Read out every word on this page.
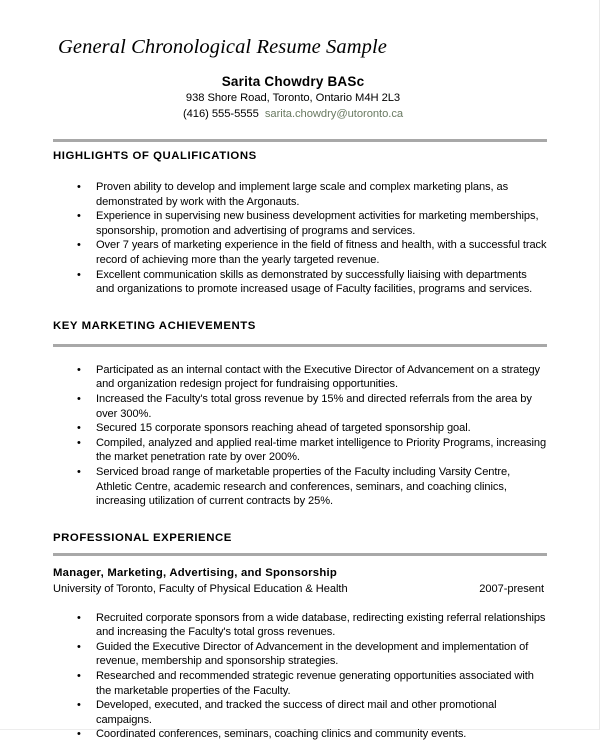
General Chronological Resume Sample
Sarita Chowdry BASc
938 Shore Road, Toronto, Ontario M4H 2L3
(416) 555-5555 sarita.chowdry@utoronto.ca
HIGHLIGHTS OF QUALIFICATIONS
• Proven ability to develop and implement large scale and complex marketing plans, as demonstrated by work with the Argonauts.
• Experience in supervising new business development activities for marketing memberships, sponsorship, promotion and advertising of programs and services.
• Over 7 years of marketing experience in the field of fitness and health, with a successful track record of achieving more than the yearly targeted revenue.
• Excellent communication skills as demonstrated by successfully liaising with departments and organizations to promote increased usage of Faculty facilities, programs and services.
KEY MARKETING ACHIEVEMENTS
• Participated as an internal contact with the Executive Director of Advancement on a strategy and organization redesign project for fundraising opportunities.
• Increased the Faculty's total gross revenue by 15% and directed referrals from the area by over 300%.
• Secured 15 corporate sponsors reaching ahead of targeted sponsorship goal.
• Compiled, analyzed and applied real-time market intelligence to Priority Programs, increasing the market penetration rate by over 200%.
• Serviced broad range of marketable properties of the Faculty including Varsity Centre, Athletic Centre, academic research and conferences, seminars, and coaching clinics, increasing utilization of current contracts by 25%.
PROFESSIONAL EXPERIENCE
Manager, Marketing, Advertising, and Sponsorship
University of Toronto, Faculty of Physical Education & Health	2007-present
• Recruited corporate sponsors from a wide database, redirecting existing referral relationships and increasing the Faculty's total gross revenues.
• Guided the Executive Director of Advancement in the development and implementation of revenue, membership and sponsorship strategies.
• Researched and recommended strategic revenue generating opportunities associated with the marketable properties of the Faculty.
• Developed, executed, and tracked the success of direct mail and other promotional campaigns.
• Coordinated conferences, seminars, coaching clinics and community events.
